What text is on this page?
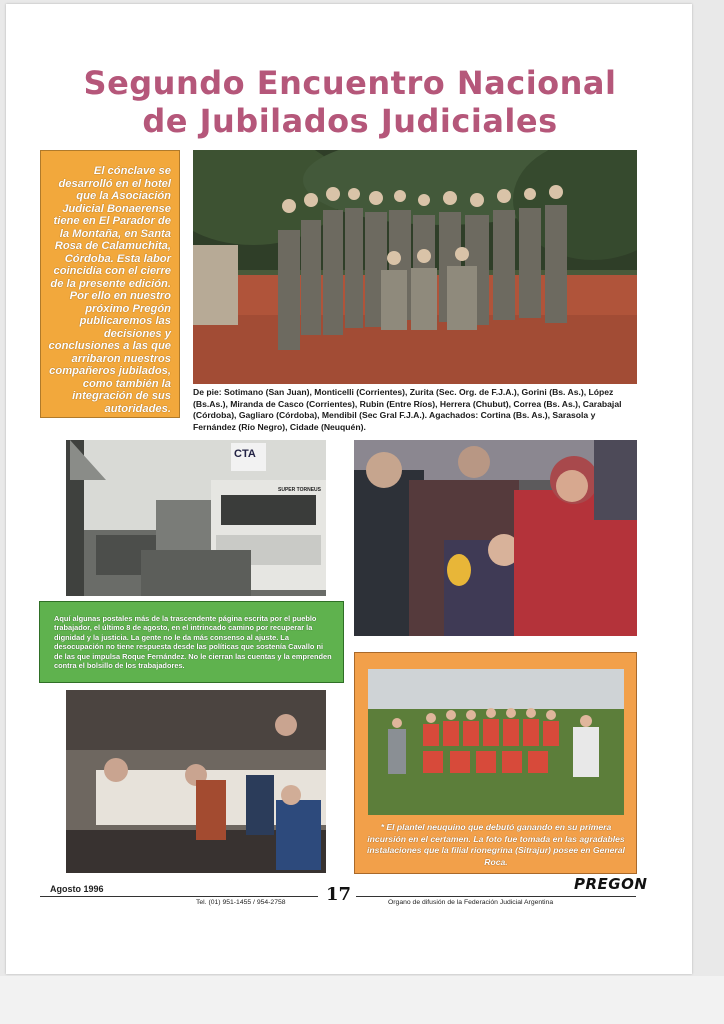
Segundo Encuentro Nacional
de Jubilados Judiciales

El cónclave se desarrolló en el hotel que la Asociación Judicial Bonaerense tiene en El Parador de la Montaña, en Santa Rosa de Calamuchita, Córdoba. Esta labor coincidía con el cierre de la presente edición. Por ello en nuestro próximo Pregón publicaremos las decisiones y conclusiones a las que arribaron nuestros compañeros jubilados, como también la integración de sus autoridades.

De pie: Sotimano (San Juan), Monticelli (Corrientes), Zurita (Sec. Org. de F.J.A.), Gorini (Bs. As.), López (Bs.As.), Miranda de Casco (Corrientes), Rubin (Entre Ríos), Herrera (Chubut), Correa (Bs. As.), Carabajal (Córdoba), Gagliaro (Córdoba), Mendibil (Sec Gral F.J.A.). Agachados: Cortina (Bs. As.), Sarasola y Fernández (Río Negro), Cidade (Neuquén).

CTA
SUPER TORNEUS

Aquí algunas postales más de la trascendente página escrita por el pueblo trabajador, el último 8 de agosto, en el intrincado camino por recuperar la dignidad y la justicia. La gente no le da más consenso al ajuste. La desocupación no tiene respuesta desde las políticas que sostenía Cavallo ni de las que impulsa Roque Fernández. No le cierran las cuentas y la emprenden contra el bolsillo de los trabajadores.

* El plantel neuquino que debutó ganando en su primera incursión en el certamen. La foto fue tomada en las agradables instalaciones que la filial rionegrina (Sitrajur) posee en General Roca.

Agosto 1996	17

Tel. (01) 951-1455 / 954-2758	Organo de difusión de la Federación Judicial Argentina

PREGON
